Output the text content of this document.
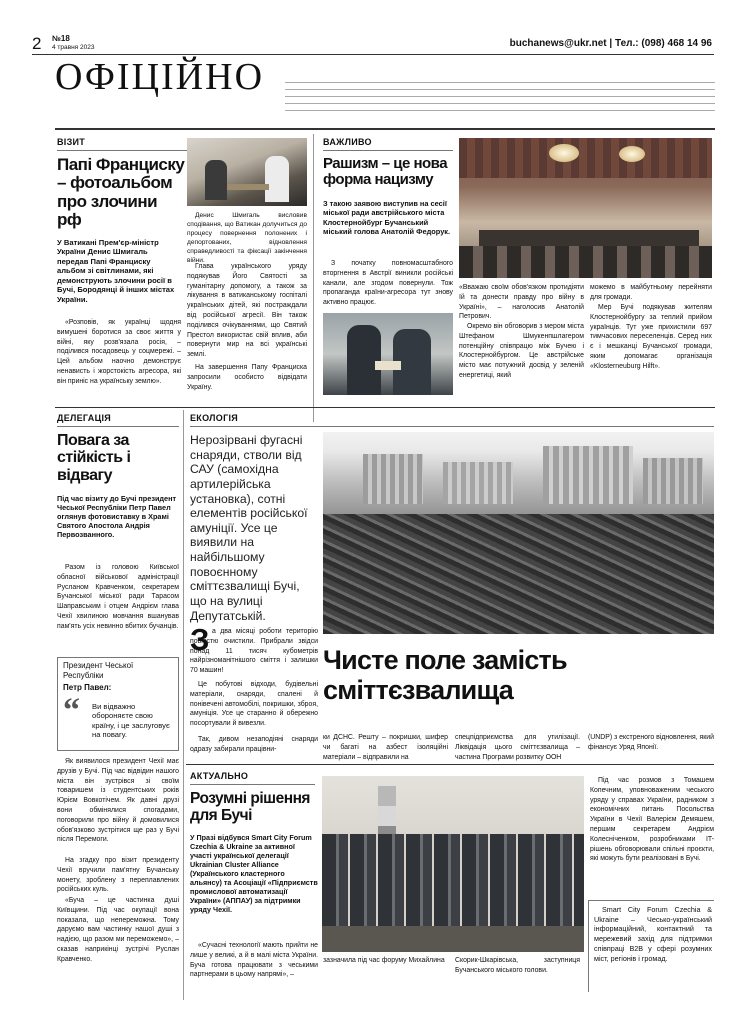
2 №18
4 травня 2023	buchanews@ukr.net | Тел.: (098) 468 14 96
ОФІЦІЙНО
ВІЗИТ
Папі Франциску – фотоальбом про злочини рф
У Ватикані Прем'єр-міністр України Денис Шмигаль передав Папі Франциску альбом зі світлинами, які демонструють злочини росії в Бучі, Бородянці й інших містах України.

«Розповів, як українці щодня вимушені боротися за своє життя у війні, яку розв'язала росія, – поділився посадовець у соцмережі. – Цей альбом наочно демонструє ненависть і жорстокість агресора, які він приніс на українську землю».

Денис Шмигаль висловив сподівання, що Ватикан долучиться до процесу повернення полонених і депортованих, відновлення справедливості та фіксації закінчення війни.

Глава українського уряду подякував Його Святості за гуманітарну допомогу, а також за лікування в ватиканському госпіталі українських дітей, які постраждали від російської агресії. Він також поділився очікуваннями, що Святий Престол використає свій вплив, аби повернути мир на всі українські землі.

На завершення Папу Франциска запросили особисто відвідати Україну.

ВАЖЛИВО
Рашизм – це нова форма нацизму
З такою заявою виступив на сесії міської ради австрійського міста Клостернойбург Бучанський міський голова Анатолій Федорук.

З початку повномасштабного вторгнення в Австрії виникли російські канали, але згодом повернули. Тож пропаганда країни-агресора тут знову активно працює.

«Вважаю своїм обов'язком протидіяти їй та донести правду про війну в Україні», – наголосив Анатолій Петрович.

Окремо він обговорив з мером міста Штефаном Шмукенпшлагером потенційну співпрацю між Бучею і Клостернойбургом. Це австрійське місто має потужний досвід у зеленій енергетиці, який

можемо в майбутньому перейняти для громади.

Мер Бучі подякував жителям Клостернойбургу за теплий прийом українців. Тут уже прихистили 697 тимчасових переселенців. Серед них є і мешканці Бучанської громади, яким допомагає організація «Klosterneuburg Hilft».

ДЕЛЕГАЦІЯ
Повага за стійкість і відвагу
Під час візиту до Бучі президент Чеської Республіки Петр Павел оглянув фотовиставку в Храмі Святого Апостола Андрія Первозванного.

Разом із головою Київської обласної військової адміністрації Русланом Кравченком, секретарем Бучанської міської ради Тарасом Шаправським і отцем Андрієм глава Чехії хвилиною мовчання вшанував пам'ять усіх невинно вбитих бучанців.

Президент Чеської Республіки
Петр Павел:
“ Ви відважно обороняєте свою країну, і це заслуговує на повагу.

Як виявилося президент Чехії має друзів у Бучі. Під час відвідин нашого міста він зустрівся зі своїм товаришем із студентських років Юрієм Вовкотічем. Як давні друзі вони обмінялися спогадами, поговорили про війну й домовилися обов'язково зустрітися ще раз у Бучі після Перемоги.

На згадку про візит президенту Чехії вручили пам'ятну Бучанську монету, зроблену з переплавлених російських куль.

«Буча – це частинка душі Київщини. Під час окупації вона показала, що непереможна. Тому даруємо вам частинку нашої душі з надією, що разом ми переможемо», – сказав наприкінці зустрічі Руслан Кравченко.

ЕКОЛОГІЯ
Нерозірвані фугасні снаряди, стволи від САУ (самохідна артилерійська установка), сотні елементів російської амуніції. Усе це виявили на найбільшому повоєнному сміттєзвалищі Бучі, що на вулиці Депутатській.
З а два місяці роботи територію повністю очистили. Прибрали звідси понад 11 тисяч кубометрів найрізноманітнішого сміття і залишки 70 машин!	Чисте поле замість сміттєзвалища

Це побутові відходи, будівельні матеріали, снаряди, спалені й понівечені автомобілі, покришки, зброя, амуніція. Усе це старанно й обережно посортували й вивезли.

Так, дивом незаподіяні снаряди одразу забирали працівни-

ки ДСНС. Решту – покришки, шифер чи багаті на азбест ізоляційні матеріали – відправили на

спецпідприємства для утилізації. Ліквідація цього сміттєзвалища – частина Програми розвитку ООН

(UNDP) з екстреного відновлення, який фінансує Уряд Японії.

АКТУАЛЬНО
Розумні рішення для Бучі
У Празі відбувся Smart City Forum Czechia & Ukraine за активної участі української делегації Ukrainian Cluster Alliance (Українського кластерного альянсу) та Асоціації «Підприємств промислової автоматизації України» (АППАУ) за підтримки уряду Чехії.

«Сучасні технології мають прийти не лише у великі, а й в малі міста України. Буча готова працювати з чеськими партнерами в цьому напрямі», –

зазначила під час форуму Михайлина	Скорик-Шкарівська, заступниця Бучанського міського голови.

Під час розмов з Томашем Копечним, уповноваженим чеського уряду у справах України, радником з економічних питань Посольства України в Чехії Валерієм Демяшем, першим секретарем Андрієм Колесніченком, розробниками IT-рішень обговорювали спільні проєкти, які можуть бути реалізовані в Бучі.

Smart City Forum Czechia & Ukraine – Чесько-український інформаційний, контактний та мережевий захід для підтримки співпраці B2B у сфері розумних міст, регіонів і громад.
